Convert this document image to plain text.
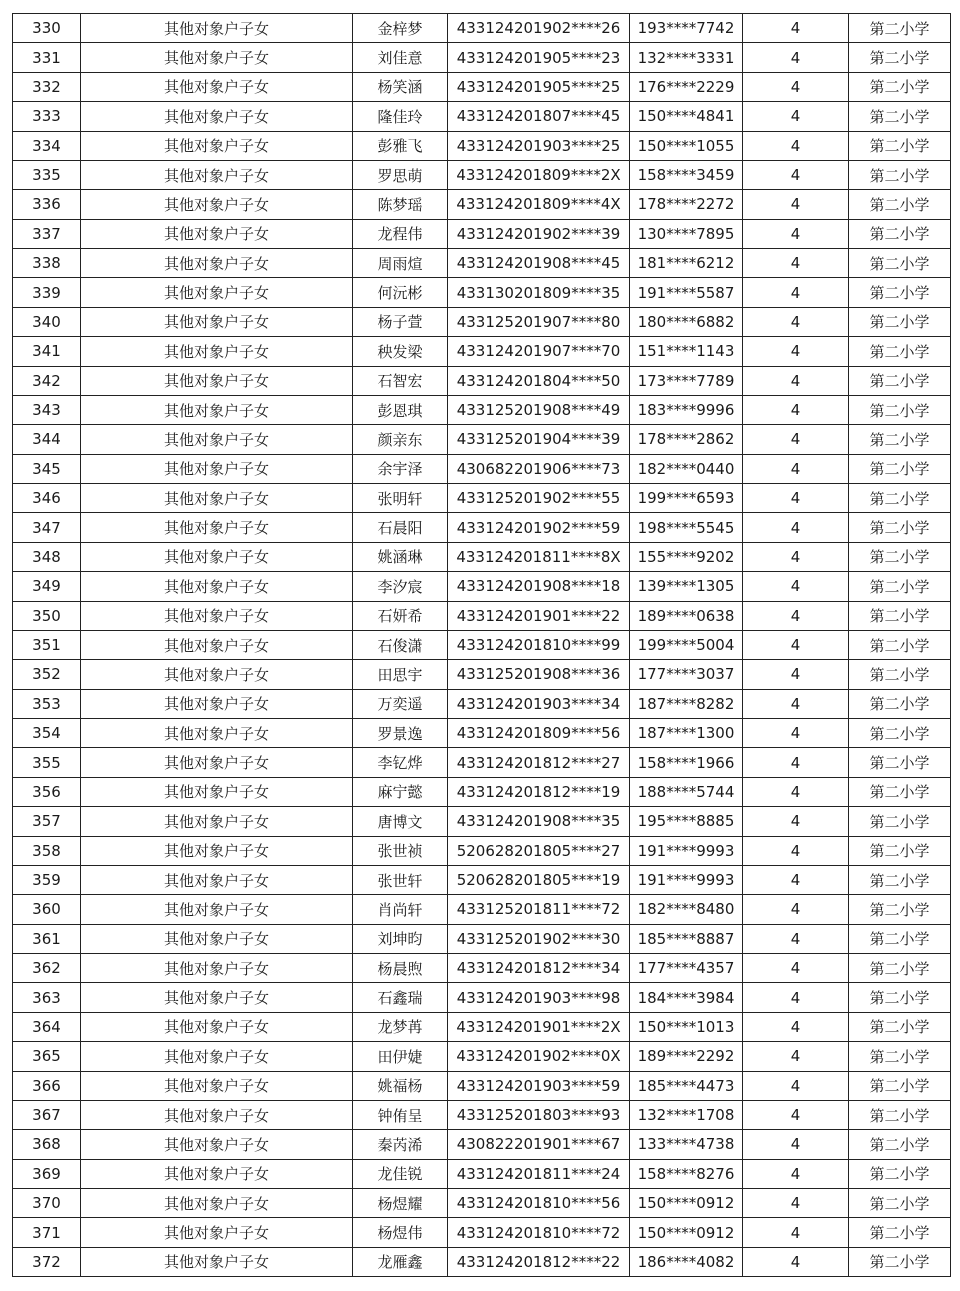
330	其他对象户子女	金梓梦	433124201902****26	193****7742	4	第二小学
331	其他对象户子女	刘佳意	433124201905****23	132****3331	4	第二小学
332	其他对象户子女	杨笑涵	433124201905****25	176****2229	4	第二小学
333	其他对象户子女	隆佳玲	433124201807****45	150****4841	4	第二小学
334	其他对象户子女	彭雅飞	433124201903****25	150****1055	4	第二小学
335	其他对象户子女	罗思萌	433124201809****2X	158****3459	4	第二小学
336	其他对象户子女	陈梦瑶	433124201809****4X	178****2272	4	第二小学
337	其他对象户子女	龙程伟	433124201902****39	130****7895	4	第二小学
338	其他对象户子女	周雨煊	433124201908****45	181****6212	4	第二小学
339	其他对象户子女	何沅彬	433130201809****35	191****5587	4	第二小学
340	其他对象户子女	杨子萱	433125201907****80	180****6882	4	第二小学
341	其他对象户子女	秧发梁	433124201907****70	151****1143	4	第二小学
342	其他对象户子女	石智宏	433124201804****50	173****7789	4	第二小学
343	其他对象户子女	彭恩琪	433125201908****49	183****9996	4	第二小学
344	其他对象户子女	颜亲东	433125201904****39	178****2862	4	第二小学
345	其他对象户子女	余宇泽	430682201906****73	182****0440	4	第二小学
346	其他对象户子女	张明轩	433125201902****55	199****6593	4	第二小学
347	其他对象户子女	石晨阳	433124201902****59	198****5545	4	第二小学
348	其他对象户子女	姚涵琳	433124201811****8X	155****9202	4	第二小学
349	其他对象户子女	李汐宸	433124201908****18	139****1305	4	第二小学
350	其他对象户子女	石妍希	433124201901****22	189****0638	4	第二小学
351	其他对象户子女	石俊潇	433124201810****99	199****5004	4	第二小学
352	其他对象户子女	田思宇	433125201908****36	177****3037	4	第二小学
353	其他对象户子女	万奕遥	433124201903****34	187****8282	4	第二小学
354	其他对象户子女	罗景逸	433124201809****56	187****1300	4	第二小学
355	其他对象户子女	李钇烨	433124201812****27	158****1966	4	第二小学
356	其他对象户子女	麻宁懿	433124201812****19	188****5744	4	第二小学
357	其他对象户子女	唐博文	433124201908****35	195****8885	4	第二小学
358	其他对象户子女	张世祯	520628201805****27	191****9993	4	第二小学
359	其他对象户子女	张世轩	520628201805****19	191****9993	4	第二小学
360	其他对象户子女	肖尚轩	433125201811****72	182****8480	4	第二小学
361	其他对象户子女	刘坤昀	433125201902****30	185****8887	4	第二小学
362	其他对象户子女	杨晨煦	433124201812****34	177****4357	4	第二小学
363	其他对象户子女	石鑫瑞	433124201903****98	184****3984	4	第二小学
364	其他对象户子女	龙梦苒	433124201901****2X	150****1013	4	第二小学
365	其他对象户子女	田伊婕	433124201902****0X	189****2292	4	第二小学
366	其他对象户子女	姚福杨	433124201903****59	185****4473	4	第二小学
367	其他对象户子女	钟侑呈	433125201803****93	132****1708	4	第二小学
368	其他对象户子女	秦芮浠	430822201901****67	133****4738	4	第二小学
369	其他对象户子女	龙佳锐	433124201811****24	158****8276	4	第二小学
370	其他对象户子女	杨煜耀	433124201810****56	150****0912	4	第二小学
371	其他对象户子女	杨煜伟	433124201810****72	150****0912	4	第二小学
372	其他对象户子女	龙雁鑫	433124201812****22	186****4082	4	第二小学
